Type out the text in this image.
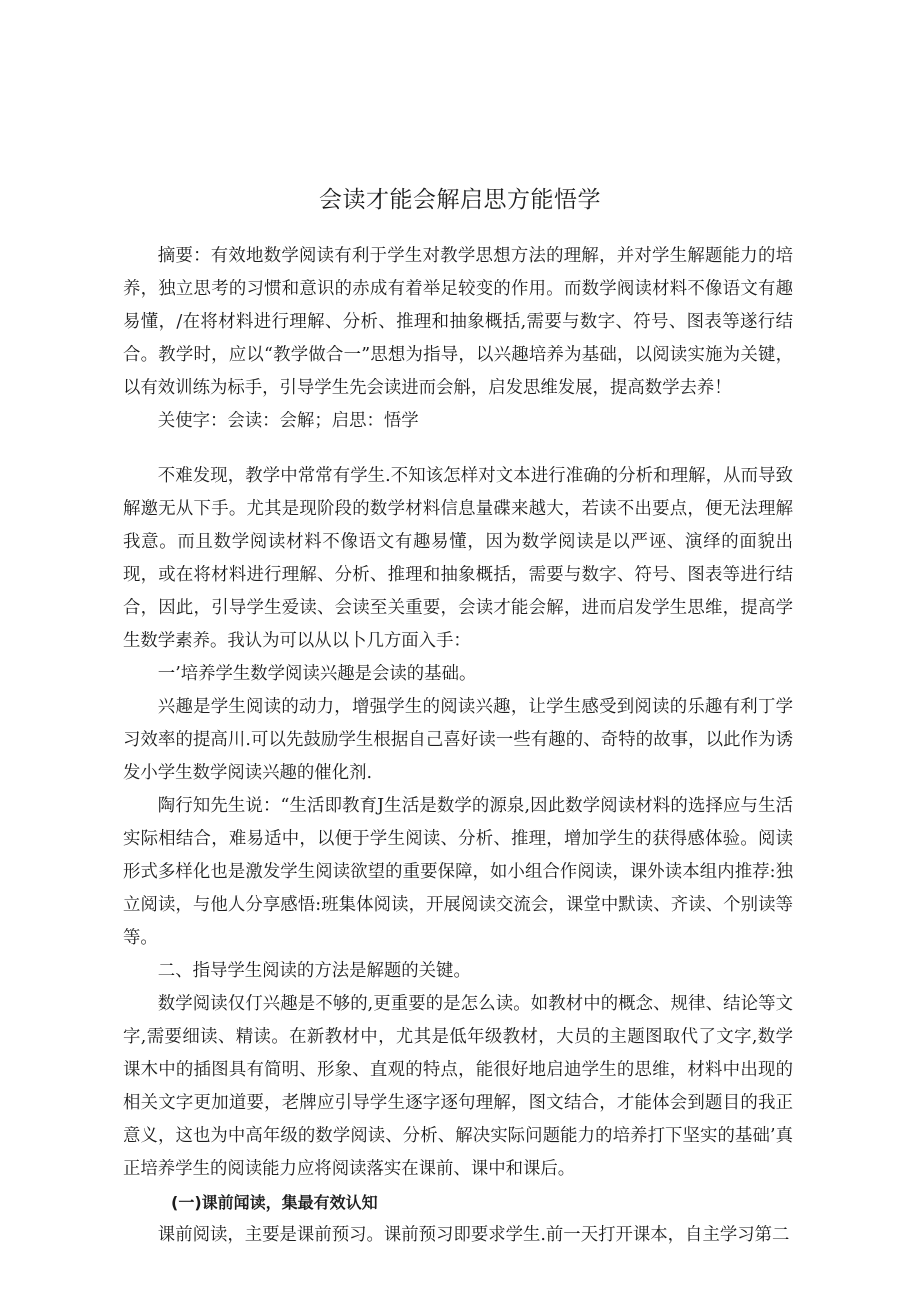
会读才能会解启思方能悟学

摘要：有效地数学阅读有利于学生对教学思想方法的理解，并对学生解题能力的培养，独立思考的习惯和意识的赤成有着举足较变的作用。而数学阀读材料不像语文有趣易懂，/在将材料进行理解、分析、推理和抽象概括,需要与数字、符号、图表等遂行结合。教学时，应以“教学做合一”思想为指导，以兴趣培养为基础，以阅读实施为关键，以有效训练为标手，引导学生先会读进而会斛，启发思维发展，提高数学去养！

关使字：会读：会解；启思：悟学

不难发现，教学中常常有学生.不知该怎样对文本进行准确的分析和理解，从而导致解邀无从下手。尤其是现阶段的数学材料信息量碟来越大，若读不出要点，便无法理解我意。而且数学阅读材料不像语文有趣易懂，因为数学阅读是以严诬、演绎的面貌出现，或在将材料进行理解、分析、推理和抽象概括，需要与数字、符号、图表等进行结合，因此，引导学生爱读、会读至关重要，会读才能会解，进而启发学生思维，提高学生数学素养。我认为可以从以卜几方面入手：

一’培养学生数学阅读兴趣是会读的基础。

兴趣是学生阅读的动力，增强学生的阅读兴趣，让学生感受到阅读的乐趣有利丁学习效率的提高川.可以先鼓励学生根据自己喜好读一些有趣的、奇特的故事，以此作为诱发小学生数学阅读兴趣的催化剂.

陶行知先生说：“生活即教育J生活是数学的源泉,因此数学阅读材料的选择应与生活实际相结合，难易适中，以便于学生阅读、分析、推理，增加学生的获得感体验。阅读形式多样化也是激发学生阅读欲望的重要保障，如小组合作阅读，课外读本组内推荐:独立阅读，与他人分享感悟:班集体阅读，开展阅读交流会，课堂中默读、齐读、个别读等等。

二、指导学生阅读的方法是解题的关键。

数学阅读仅仃兴趣是不够的,更重要的是怎么读。如教材中的概念、规律、结论等文字,需要细读、精读。在新教材中，尤其是低年级教材，大员的主题图取代了文字,数学课木中的插图具有简明、形象、直观的特点，能很好地启迪学生的思维，材料中出现的相关文字更加道要，老牌应引导学生逐字逐句理解，图文结合，才能体会到题目的我正意义，这也为中高年级的数学阅读、分析、解决实际问题能力的培养打下坚实的基础’真正培养学生的阅读能力应将阅读落实在课前、课中和课后。

(一)课前闻读，集最有效认知

课前阅读，主要是课前预习。课前预习即要求学生.前一天打开课本，自主学习第二
